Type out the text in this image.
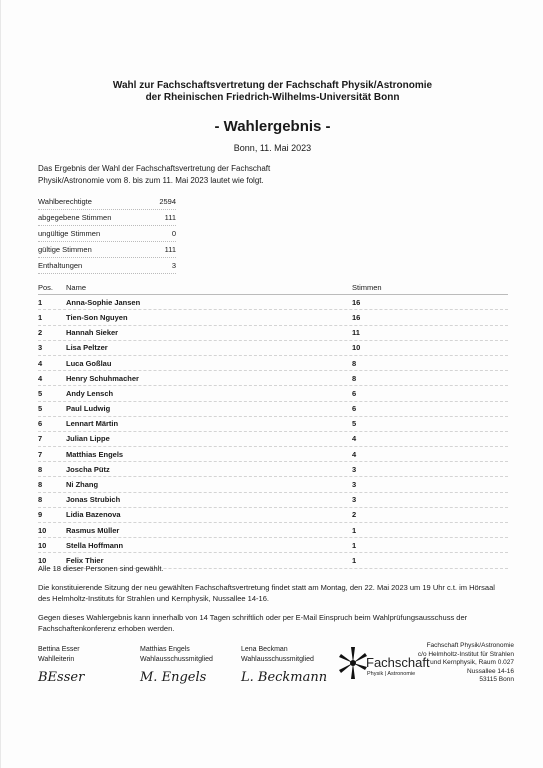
Wahl zur Fachschaftsvertretung der Fachschaft Physik/Astronomie
der Rheinischen Friedrich-Wilhelms-Universität Bonn
- Wahlergebnis -
Bonn, 11. Mai 2023
Das Ergebnis der Wahl der Fachschaftsvertretung der Fachschaft Physik/Astronomie vom 8. bis zum 11. Mai 2023 lautet wie folgt.
Wahlberechtigte	2594
abgegebene Stimmen	111
ungültige Stimmen	0
gültige Stimmen	111
Enthaltungen	3
Pos.	Name	Stimmen
1	Anna-Sophie Jansen	16
1	Tien-Son Nguyen	16
2	Hannah Sieker	11
3	Lisa Peltzer	10
4	Luca Goßlau	8
4	Henry Schuhmacher	8
5	Andy Lensch	6
5	Paul Ludwig	6
6	Lennart Märtin	5
7	Julian Lippe	4
7	Matthias Engels	4
8	Joscha Pütz	3
8	Ni Zhang	3
8	Jonas Strubich	3
9	Lidia Bazenova	2
10	Rasmus Müller	1
10	Stella Hoffmann	1
10	Felix Thier	1
Alle 18 dieser Personen sind gewählt.
Die konstituierende Sitzung der neu gewählten Fachschaftsvertretung findet statt am Montag, den 22. Mai 2023 um 19 Uhr c.t. im Hörsaal des Helmholtz-Instituts für Strahlen und Kernphysik, Nussallee 14-16.
Gegen dieses Wahlergebnis kann innerhalb von 14 Tagen schriftlich oder per E-Mail Einspruch beim Wahlprüfungsausschuss der Fachschaftenkonferenz erhoben werden.
Bettina Esser
Wahlleiterin
BEsser
Matthias Engels
Wahlausschussmitglied
M. Engels
Lena Beckman
Wahlausschussmitglied
L. Beckmann
Fachschaft
Physik | Astronomie
Fachschaft Physik/Astronomie
c/o Helmholtz-Institut für Strahlen
und Kernphysik, Raum 0.027
Nussallee 14-16
53115 Bonn
